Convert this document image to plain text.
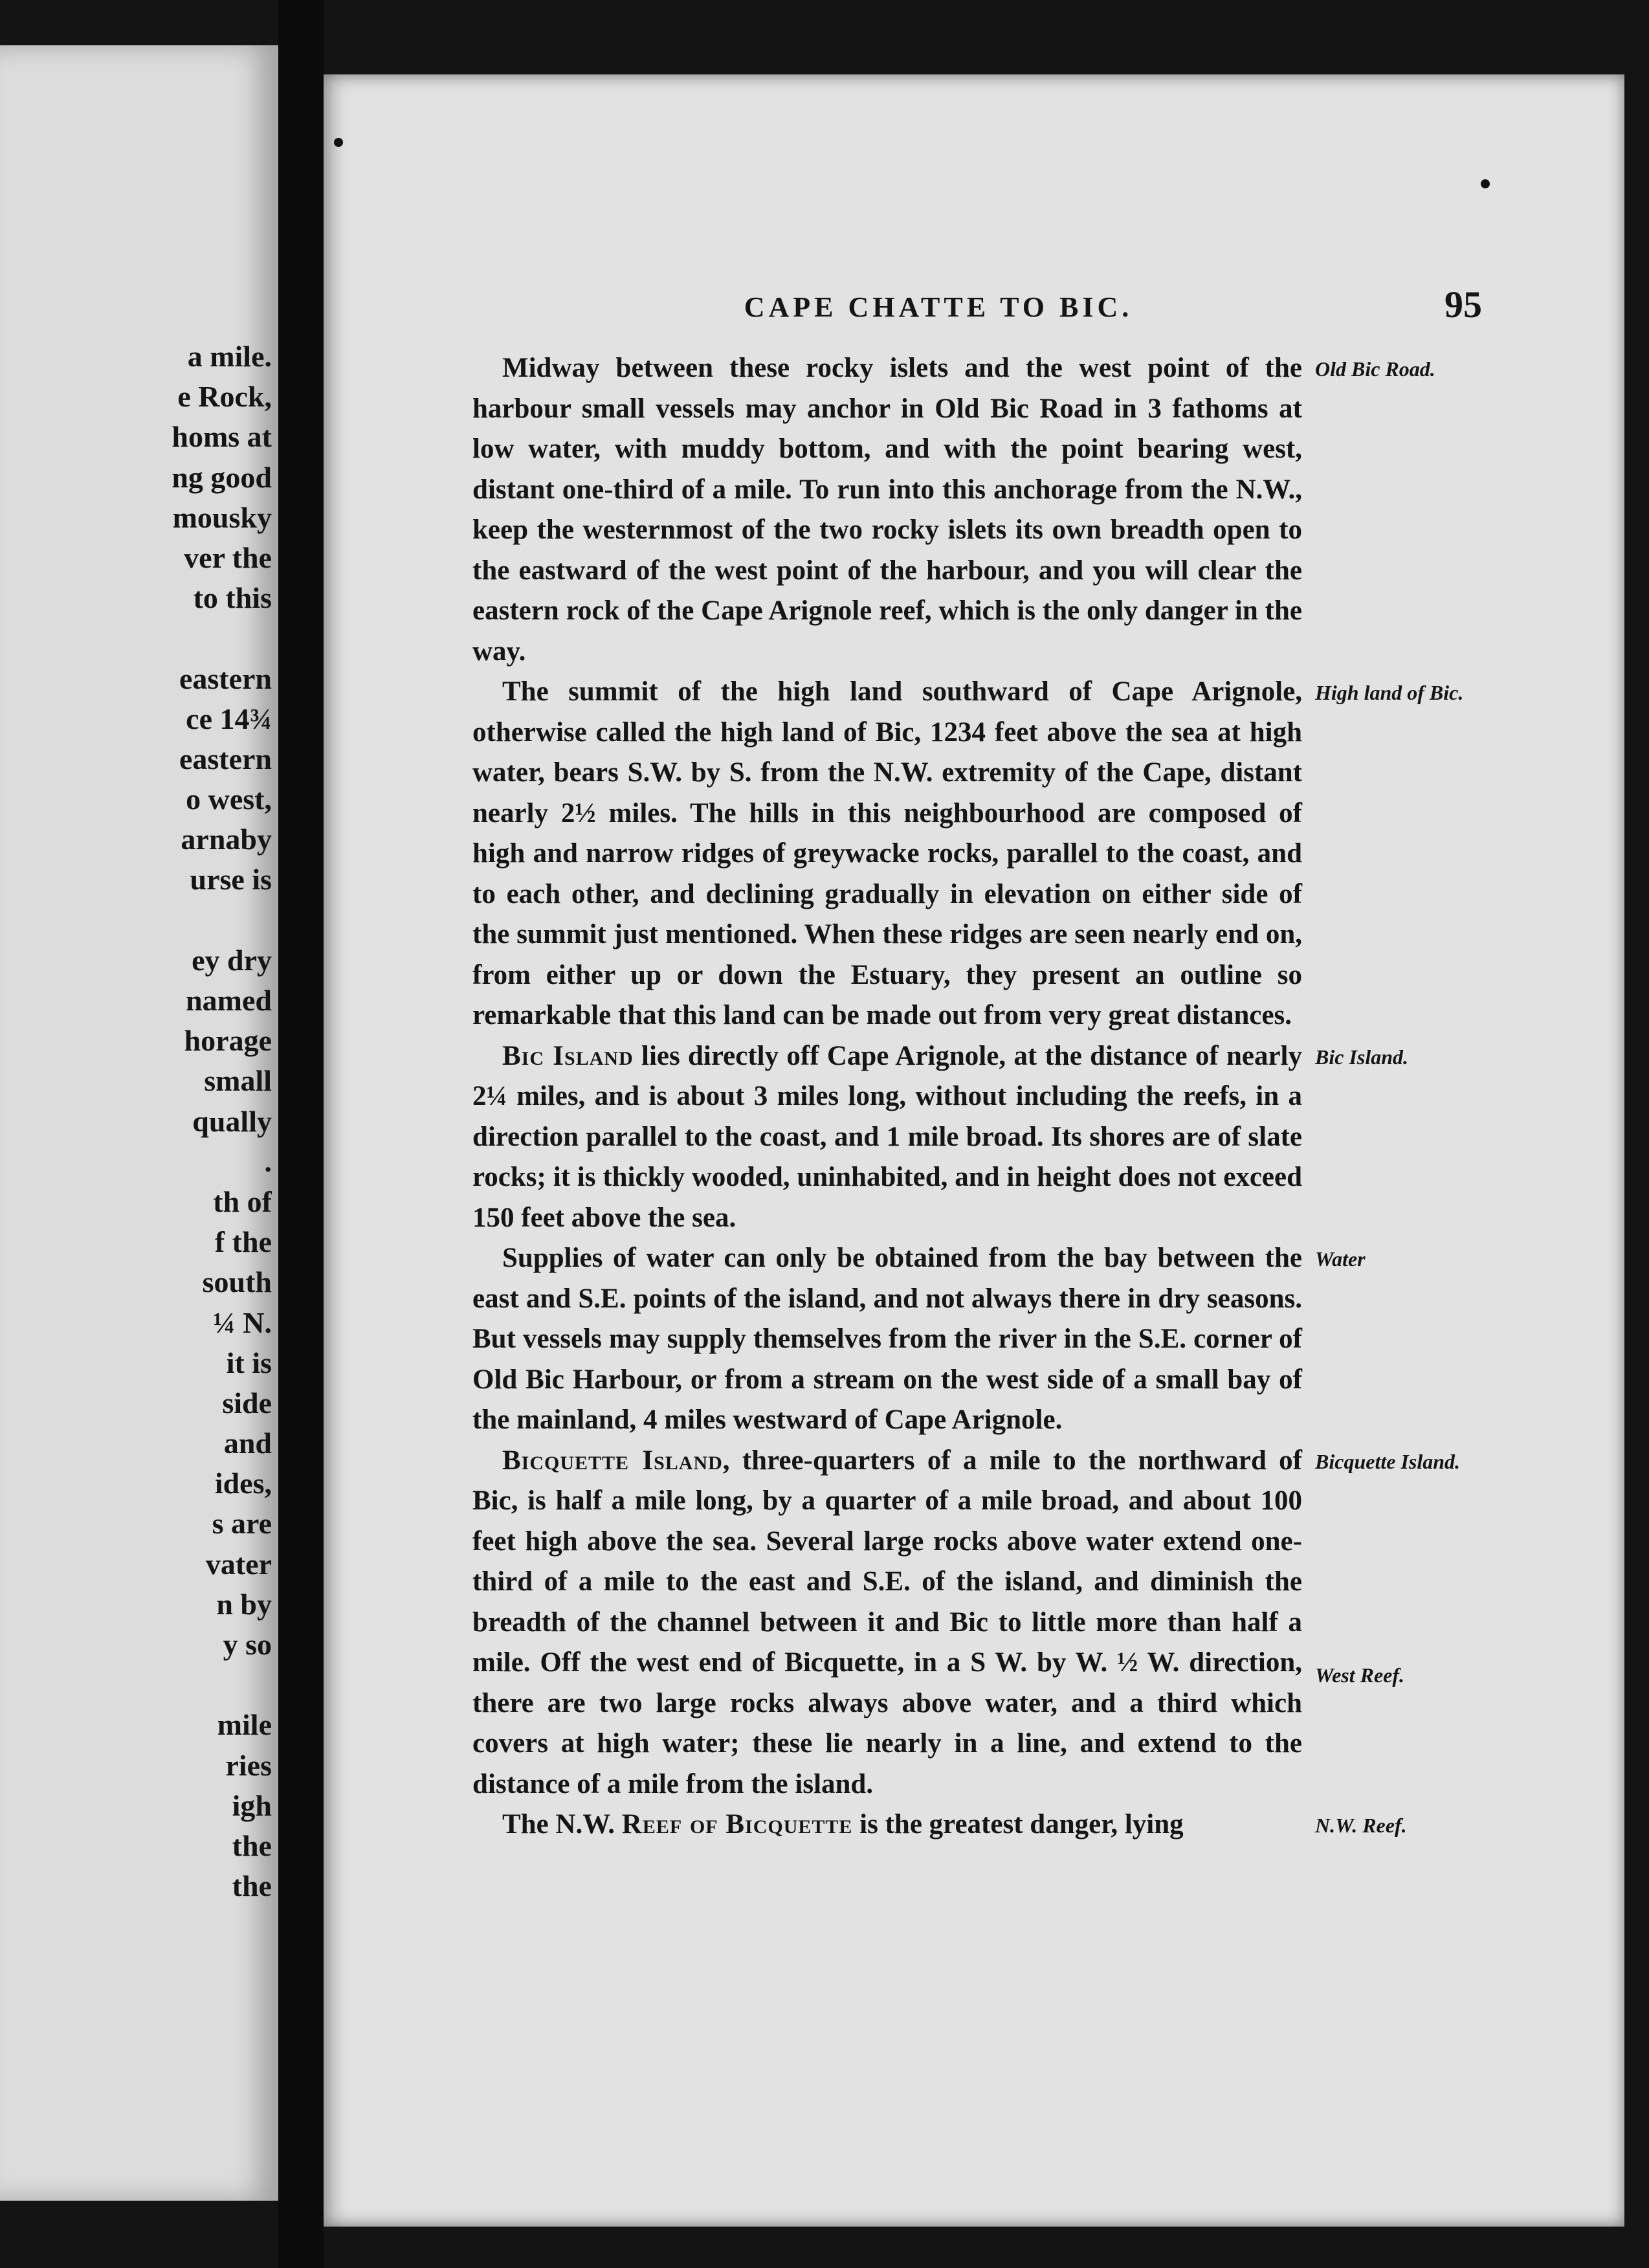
a mile.
e Rock,
homs at
ng good
mousky
ver the
to this
eastern
ce 14¾
eastern
o west,
arnaby
urse is
ey dry
named
horage
small
qually
.
th of
f the
south
¼ N.
it is
side
and
ides,
s are
vater
n by
y so
mile
ries
igh
the
the
CAPE CHATTE TO BIC.	95

Midway between these rocky islets and the west point of the harbour small vessels may anchor in Old Bic Road in 3 fathoms at low water, with muddy bottom, and with the point bearing west, distant one-third of a mile. To run into this anchorage from the N.W., keep the westernmost of the two rocky islets its own breadth open to the eastward of the west point of the harbour, and you will clear the eastern rock of the Cape Arignole reef, which is the only danger in the way.
Old Bic Road.

The summit of the high land southward of Cape Arignole, otherwise called the high land of Bic, 1234 feet above the sea at high water, bears S.W. by S. from the N.W. extremity of the Cape, distant nearly 2½ miles. The hills in this neighbourhood are composed of high and narrow ridges of greywacke rocks, parallel to the coast, and to each other, and declining gradually in elevation on either side of the summit just mentioned. When these ridges are seen nearly end on, from either up or down the Estuary, they present an outline so remarkable that this land can be made out from very great distances.
High land of Bic.

Bic Island lies directly off Cape Arignole, at the distance of nearly 2¼ miles, and is about 3 miles long, without including the reefs, in a direction parallel to the coast, and 1 mile broad. Its shores are of slate rocks; it is thickly wooded, uninhabited, and in height does not exceed 150 feet above the sea.
Bic Island.

Supplies of water can only be obtained from the bay between the east and S.E. points of the island, and not always there in dry seasons. But vessels may supply themselves from the river in the S.E. corner of Old Bic Harbour, or from a stream on the west side of a small bay of the mainland, 4 miles westward of Cape Arignole.
Water

Bicquette Island, three-quarters of a mile to the northward of Bic, is half a mile long, by a quarter of a mile broad, and about 100 feet high above the sea. Several large rocks above water extend one-third of a mile to the east and S.E. of the island, and diminish the breadth of the channel between it and Bic to little more than half a mile. Off the west end of Bicquette, in a S W. by W. ½ W. direction, there are two large rocks always above water, and a third which covers at high water; these lie nearly in a line, and extend to the distance of a mile from the island.
Bicquette Island.
West Reef.

The N.W. Reef of Bicquette is the greatest danger, lying	N.W. Reef.
